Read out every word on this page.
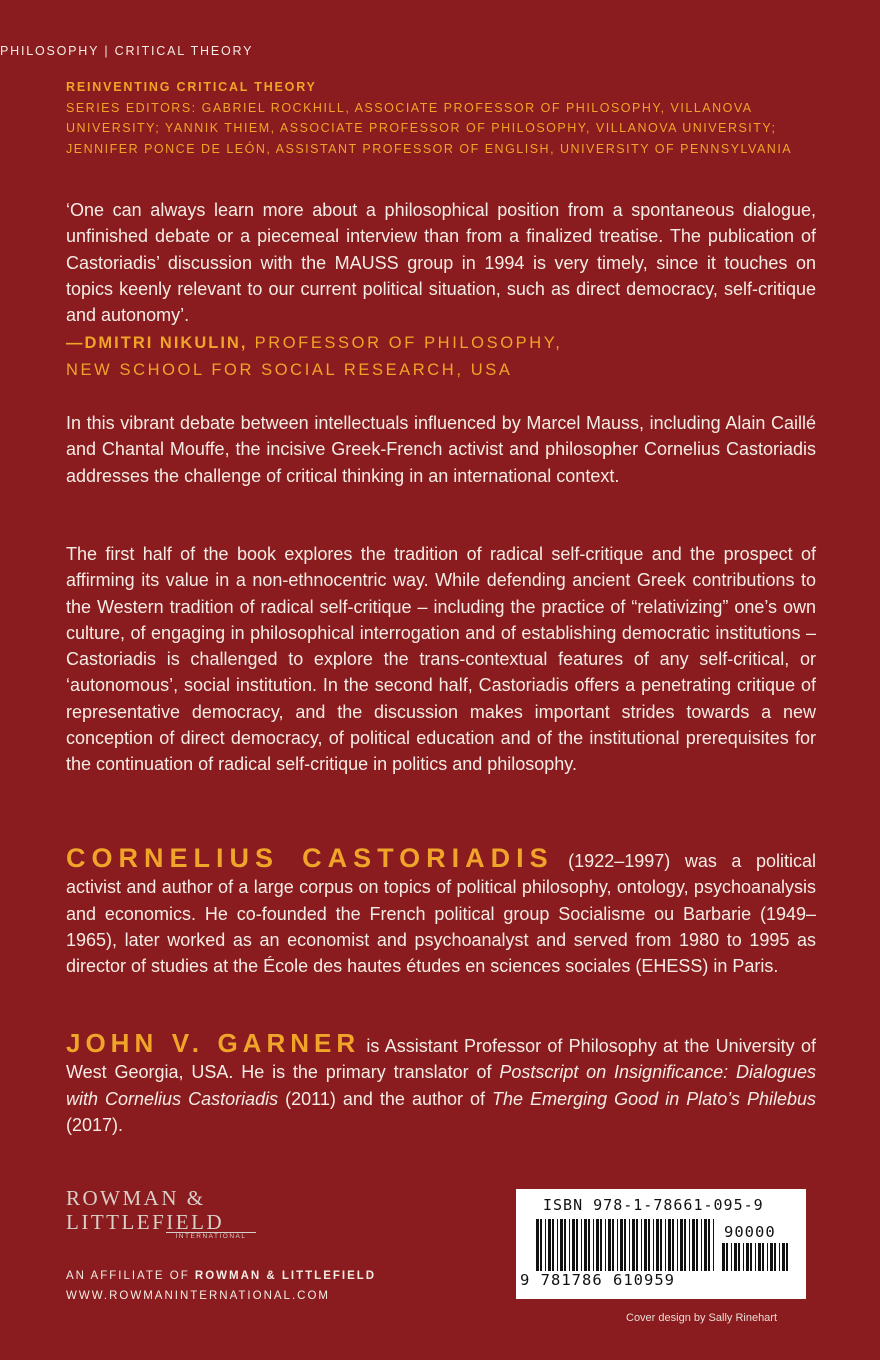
PHILOSOPHY | CRITICAL THEORY
REINVENTING CRITICAL THEORY
SERIES EDITORS: GABRIEL ROCKHILL, ASSOCIATE PROFESSOR OF PHILOSOPHY, VILLANOVA
UNIVERSITY; YANNIK THIEM, ASSOCIATE PROFESSOR OF PHILOSOPHY, VILLANOVA UNIVERSITY;
JENNIFER PONCE DE LEÓN, ASSISTANT PROFESSOR OF ENGLISH, UNIVERSITY OF PENNSYLVANIA
‘One can always learn more about a philosophical position from a spontaneous dialogue, unfinished debate or a piecemeal interview than from a finalized treatise. The publication of Castoriadis’ discussion with the MAUSS group in 1994 is very timely, since it touches on topics keenly relevant to our current political situation, such as direct democracy, self-critique and autonomy’.
—DMITRI NIKULIN, PROFESSOR OF PHILOSOPHY,
NEW SCHOOL FOR SOCIAL RESEARCH, USA

In this vibrant debate between intellectuals influenced by Marcel Mauss, including Alain Caillé and Chantal Mouffe, the incisive Greek-French activist and philosopher Cornelius Castoriadis addresses the challenge of critical thinking in an international context.

The first half of the book explores the tradition of radical self-critique and the prospect of affirming its value in a non-ethnocentric way. While defending ancient Greek contributions to the Western tradition of radical self-critique – including the practice of “relativizing” one’s own culture, of engaging in philosophical interrogation and of establishing democratic institutions – Castoriadis is challenged to explore the trans-contextual features of any self-critical, or ‘autonomous’, social institution. In the second half, Castoriadis offers a penetrating critique of representative democracy, and the discussion makes important strides towards a new conception of direct democracy, of political education and of the institutional prerequisites for the continuation of radical self-critique in politics and philosophy.

CORNELIUS CASTORIADIS (1922–1997) was a political activist and author of a large corpus on topics of political philosophy, ontology, psychoanalysis and economics. He co-founded the French political group Socialisme ou Barbarie (1949–1965), later worked as an economist and psychoanalyst and served from 1980 to 1995 as director of studies at the École des hautes études en sciences sociales (EHESS) in Paris.

JOHN V. GARNER is Assistant Professor of Philosophy at the University of West Georgia, USA. He is the primary translator of Postscript on Insignificance: Dialogues with Cornelius Castoriadis (2011) and the author of The Emerging Good in Plato’s Philebus (2017).

ROWMAN &
LITTLEFIELD
INTERNATIONAL
AN AFFILIATE OF ROWMAN & LITTLEFIELD
WWW.ROWMANINTERNATIONAL.COM
ISBN 978-1-78661-095-9
90000
9 781786 610959
Cover design by Sally Rinehart
